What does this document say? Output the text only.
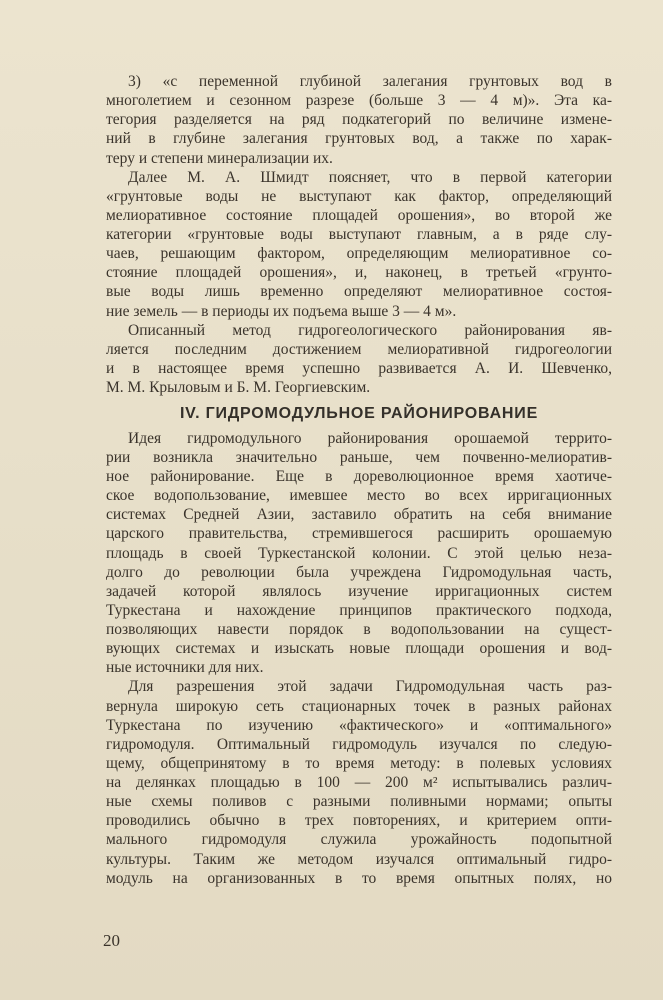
3) «с переменной глубиной залегания грунтовых вод в
многолетием и сезонном разрезе (больше 3 — 4 м)». Эта ка-
тегория разделяется на ряд подкатегорий по величине измене-
ний в глубине залегания грунтовых вод, а также по харак-
теру и степени минерализации их.
Далее М. А. Шмидт поясняет, что в первой категории
«грунтовые воды не выступают как фактор, определяющий
мелиоративное состояние площадей орошения», во второй же
категории «грунтовые воды выступают главным, а в ряде слу-
чаев, решающим фактором, определяющим мелиоративное со-
стояние площадей орошения», и, наконец, в третьей «грунто-
вые воды лишь временно определяют мелиоративное состоя-
ние земель — в периоды их подъема выше 3 — 4 м».
Описанный метод гидрогеологического районирования яв-
ляется последним достижением мелиоративной гидрогеологии
и в настоящее время успешно развивается А. И. Шевченко,
М. М. Крыловым и Б. М. Георгиевским.
IV. ГИДРОМОДУЛЬНОЕ РАЙОНИРОВАНИЕ
Идея гидромодульного районирования орошаемой террито-
рии возникла значительно раньше, чем почвенно-мелиоратив-
ное районирование. Еще в дореволюционное время хаотиче-
ское водопользование, имевшее место во всех ирригационных
системах Средней Азии, заставило обратить на себя внимание
царского правительства, стремившегося расширить орошаемую
площадь в своей Туркестанской колонии. С этой целью неза-
долго до революции была учреждена Гидромодульная часть,
задачей которой являлось изучение ирригационных систем
Туркестана и нахождение принципов практического подхода,
позволяющих навести порядок в водопользовании на сущест-
вующих системах и изыскать новые площади орошения и вод-
ные источники для них.
Для разрешения этой задачи Гидромодульная часть раз-
вернула широкую сеть стационарных точек в разных районах
Туркестана по изучению «фактического» и «оптимального»
гидромодуля. Оптимальный гидромодуль изучался по следую-
щему, общепринятому в то время методу: в полевых условиях
на делянках площадью в 100 — 200 м² испытывались различ-
ные схемы поливов с разными поливными нормами; опыты
проводились обычно в трех повторениях, и критерием опти-
мального гидромодуля служила урожайность подопытной
культуры. Таким же методом изучался оптимальный гидро-
модуль на организованных в то время опытных полях, но
20
